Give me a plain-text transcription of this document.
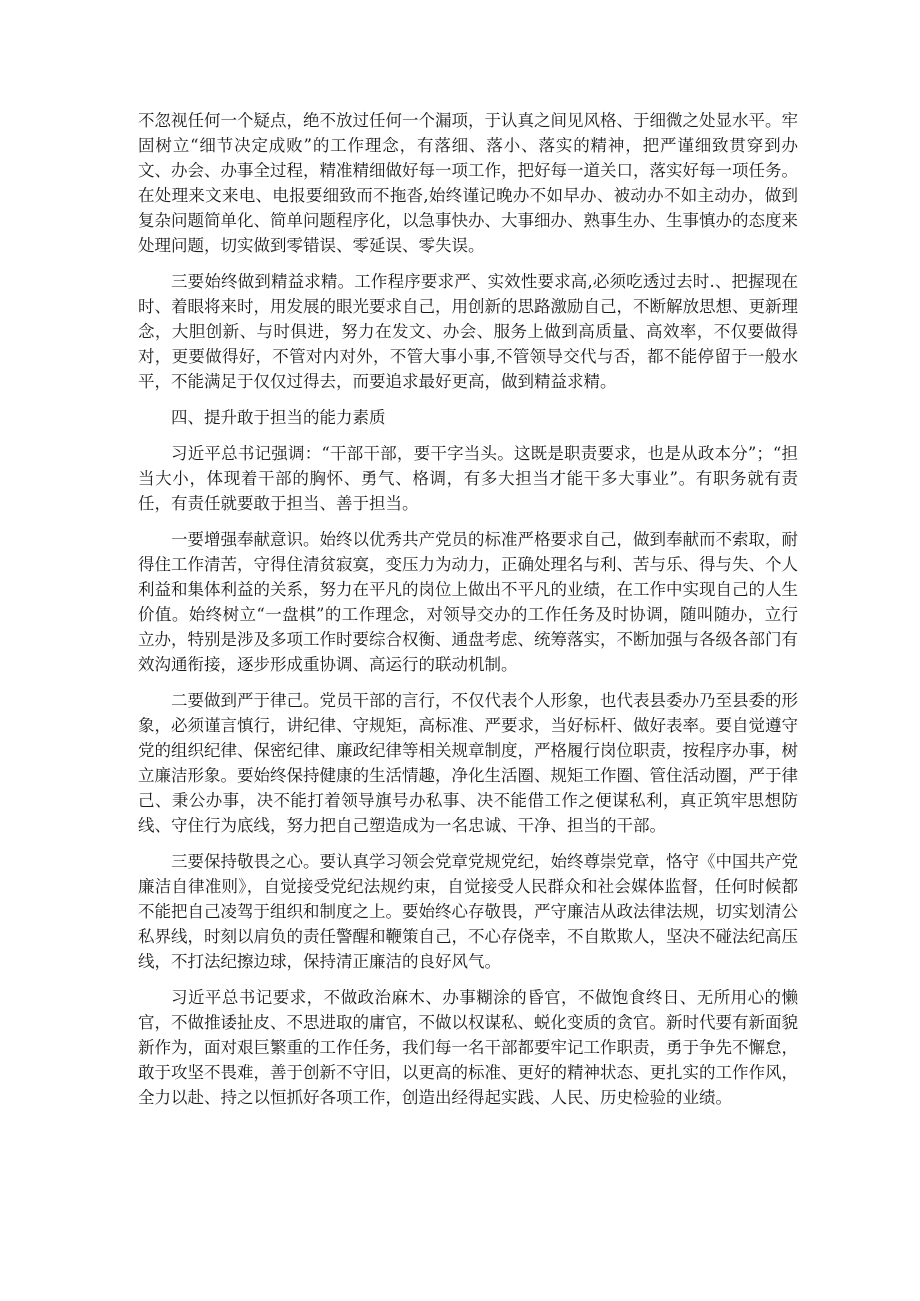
不忽视任何一个疑点，绝不放过任何一个漏项，于认真之间见风格、于细微之处显水平。牢固树立“细节决定成败”的工作理念，有落细、落小、落实的精神，把严谨细致贯穿到办文、办会、办事全过程，精准精细做好每一项工作，把好每一道关口，落实好每一项任务。在处理来文来电、电报要细致而不拖沓,始终谨记晚办不如早办、被动办不如主动办，做到复杂问题简单化、简单问题程序化，以急事快办、大事细办、熟事生办、生事慎办的态度来处理问题，切实做到零错误、零延误、零失误。

三要始终做到精益求精。工作程序要求严、实效性要求高,必须吃透过去时.、把握现在时、着眼将来时，用发展的眼光要求自己，用创新的思路激励自己，不断解放思想、更新理念，大胆创新、与时俱进，努力在发文、办会、服务上做到高质量、高效率，不仅要做得对，更要做得好，不管对内对外，不管大事小事,不管领导交代与否，都不能停留于一般水平，不能满足于仅仅过得去，而要追求最好更高，做到精益求精。

四、提升敢于担当的能力素质

习近平总书记强调：“干部干部，要干字当头。这既是职责要求，也是从政本分”；“担当大小，体现着干部的胸怀、勇气、格调，有多大担当才能干多大事业”。有职务就有责任，有责任就要敢于担当、善于担当。

一要增强奉献意识。始终以优秀共产党员的标准严格要求自己，做到奉献而不索取，耐得住工作清苦，守得住清贫寂寞，变压力为动力，正确处理名与利、苦与乐、得与失、个人利益和集体利益的关系，努力在平凡的岗位上做出不平凡的业绩，在工作中实现自己的人生价值。始终树立“一盘棋”的工作理念，对领导交办的工作任务及时协调，随叫随办，立行立办，特别是涉及多项工作时要综合权衡、通盘考虑、统筹落实，不断加强与各级各部门有效沟通衔接，逐步形成重协调、高运行的联动机制。

二要做到严于律己。党员干部的言行，不仅代表个人形象，也代表县委办乃至县委的形象，必须谨言慎行，讲纪律、守规矩，高标准、严要求，当好标杆、做好表率。要自觉遵守党的组织纪律、保密纪律、廉政纪律等相关规章制度，严格履行岗位职责，按程序办事，树立廉洁形象。要始终保持健康的生活情趣，净化生活圈、规矩工作圈、管住活动圈，严于律己、秉公办事，决不能打着领导旗号办私事、决不能借工作之便谋私利，真正筑牢思想防线、守住行为底线，努力把自己塑造成为一名忠诚、干净、担当的干部。

三要保持敬畏之心。要认真学习领会党章党规党纪，始终尊崇党章，恪守《中国共产党廉洁自律准则》，自觉接受党纪法规约束，自觉接受人民群众和社会媒体监督，任何时候都不能把自己凌驾于组织和制度之上。要始终心存敬畏，严守廉洁从政法律法规，切实划清公私界线，时刻以肩负的责任警醒和鞭策自己，不心存侥幸，不自欺欺人，坚决不碰法纪高压线，不打法纪擦边球，保持清正廉洁的良好风气。

习近平总书记要求，不做政治麻木、办事糊涂的昏官，不做饱食终日、无所用心的懒官，不做推诿扯皮、不思进取的庸官，不做以权谋私、蜕化变质的贪官。新时代要有新面貌新作为，面对艰巨繁重的工作任务，我们每一名干部都要牢记工作职责，勇于争先不懈怠，敢于攻坚不畏难，善于创新不守旧，以更高的标准、更好的精神状态、更扎实的工作作风，全力以赴、持之以恒抓好各项工作，创造出经得起实践、人民、历史检验的业绩。
